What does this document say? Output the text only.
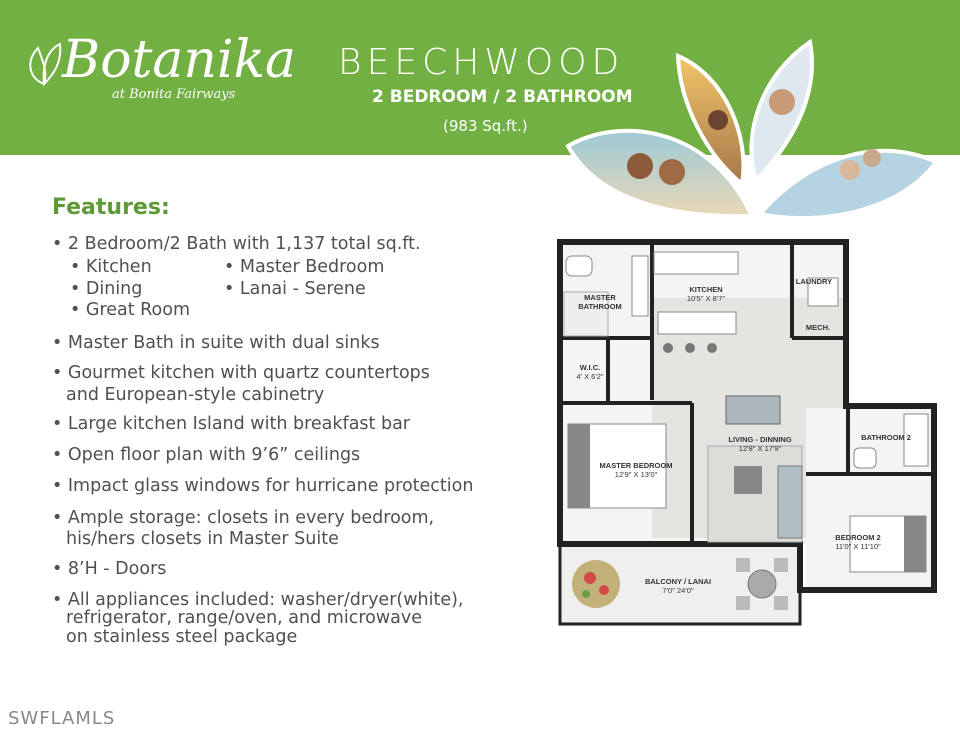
Botanika
at Bonita Fairways
BEECHWOOD
2 BEDROOM / 2 BATHROOM
(983 Sq.ft.)
Features:
• 2 Bedroom/2 Bath with 1,137 total sq.ft.
• Kitchen
• Dining
• Great Room
• Master Bedroom
• Lanai - Serene
• Master Bath in suite with dual sinks
• Gourmet kitchen with quartz countertops
and European-style cabinetry
• Large kitchen Island with breakfast bar
• Open floor plan with 9’6” ceilings
• Impact glass windows for hurricane protection
• Ample storage: closets in every bedroom,
his/hers closets in Master Suite
• 8’H - Doors
• All appliances included: washer/dryer(white),
refrigerator, range/oven, and microwave
on stainless steel package
MASTER
BATHROOM
KITCHEN
10'5" X 8'7"
LAUNDRY
MECH.
W.I.C.
4' X 6'2"
LIVING - DINNING
12'8" X 17'9"
BATHROOM 2
MASTER BEDROOM
12'9" X 13'0"
BEDROOM 2
11'0" X 11'10"
BALCONY / LANAI
7'0" 24'0"
SWFLAMLS
